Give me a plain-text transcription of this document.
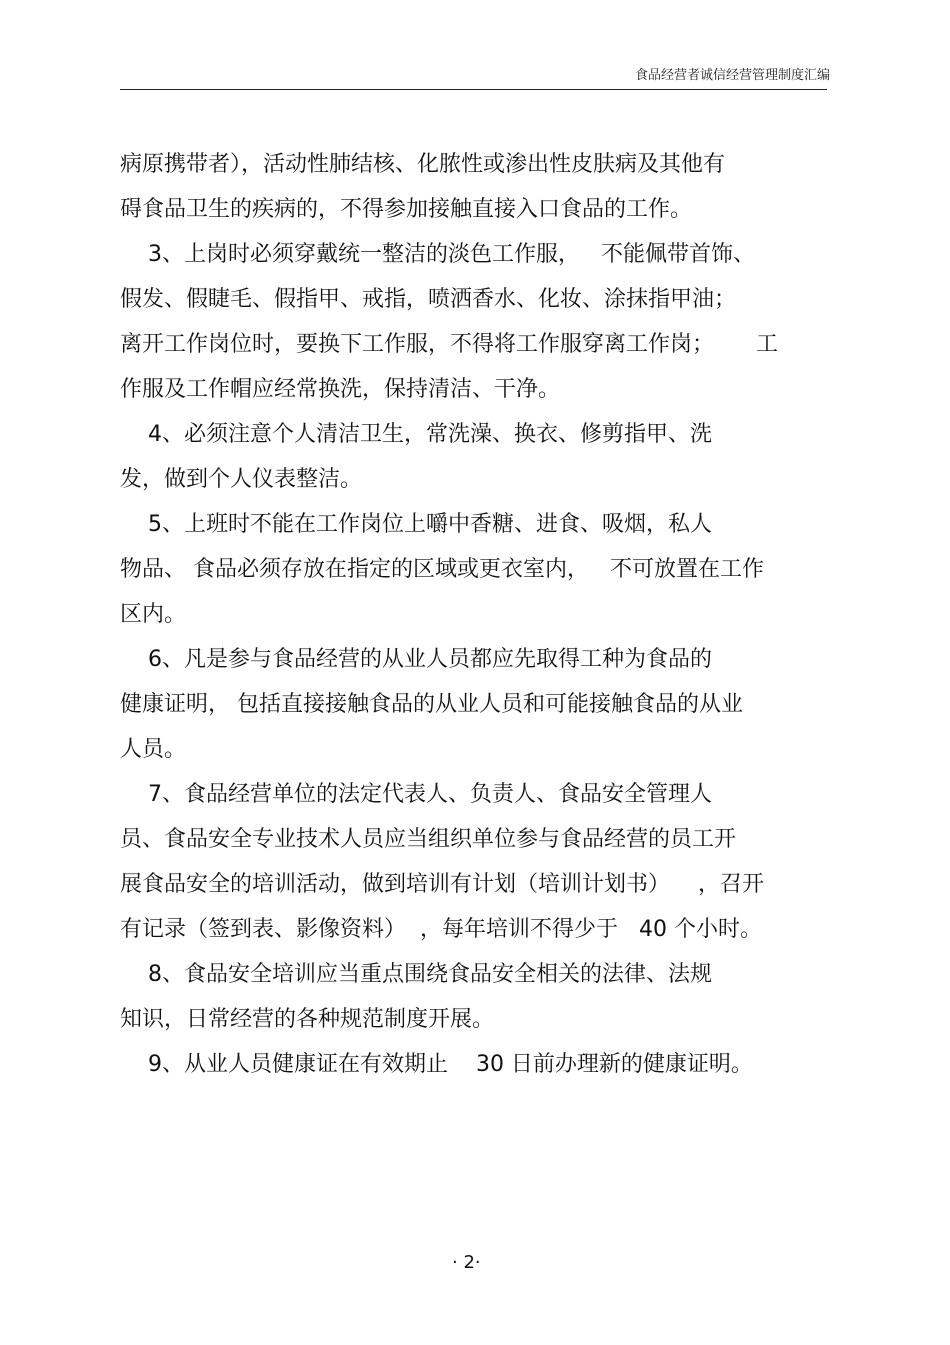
食品经营者诚信经营管理制度汇编
病原携带者），活动性肺结核、化脓性或渗出性皮肤病及其他有
碍食品卫生的疾病的，不得参加接触直接入口食品的工作。
3、上岗时必须穿戴统一整洁的淡色工作服，   不能佩带首饰、
假发、假睫毛、假指甲、戒指，喷洒香水、化妆、涂抹指甲油；
离开工作岗位时，要换下工作服，不得将工作服穿离工作岗；      工
作服及工作帽应经常换洗，保持清洁、干净。
4、必须注意个人清洁卫生，常洗澡、换衣、修剪指甲、洗
发，做到个人仪表整洁。
5、上班时不能在工作岗位上嚼中香糖、进食、吸烟，私人
物品、 食品必须存放在指定的区域或更衣室内，   不可放置在工作
区内。
6、凡是参与食品经营的从业人员都应先取得工种为食品的
健康证明， 包括直接接触食品的从业人员和可能接触食品的从业
人员。
7、食品经营单位的法定代表人、负责人、食品安全管理人
员、食品安全专业技术人员应当组织单位参与食品经营的员工开
展食品安全的培训活动，做到培训有计划（培训计划书）    ，召开
有记录（签到表、影像资料）  ，每年培训不得少于   40 个小时。
8、食品安全培训应当重点围绕食品安全相关的法律、法规
知识，日常经营的各种规范制度开展。
9、从业人员健康证在有效期止    30 日前办理新的健康证明。
· 2·
